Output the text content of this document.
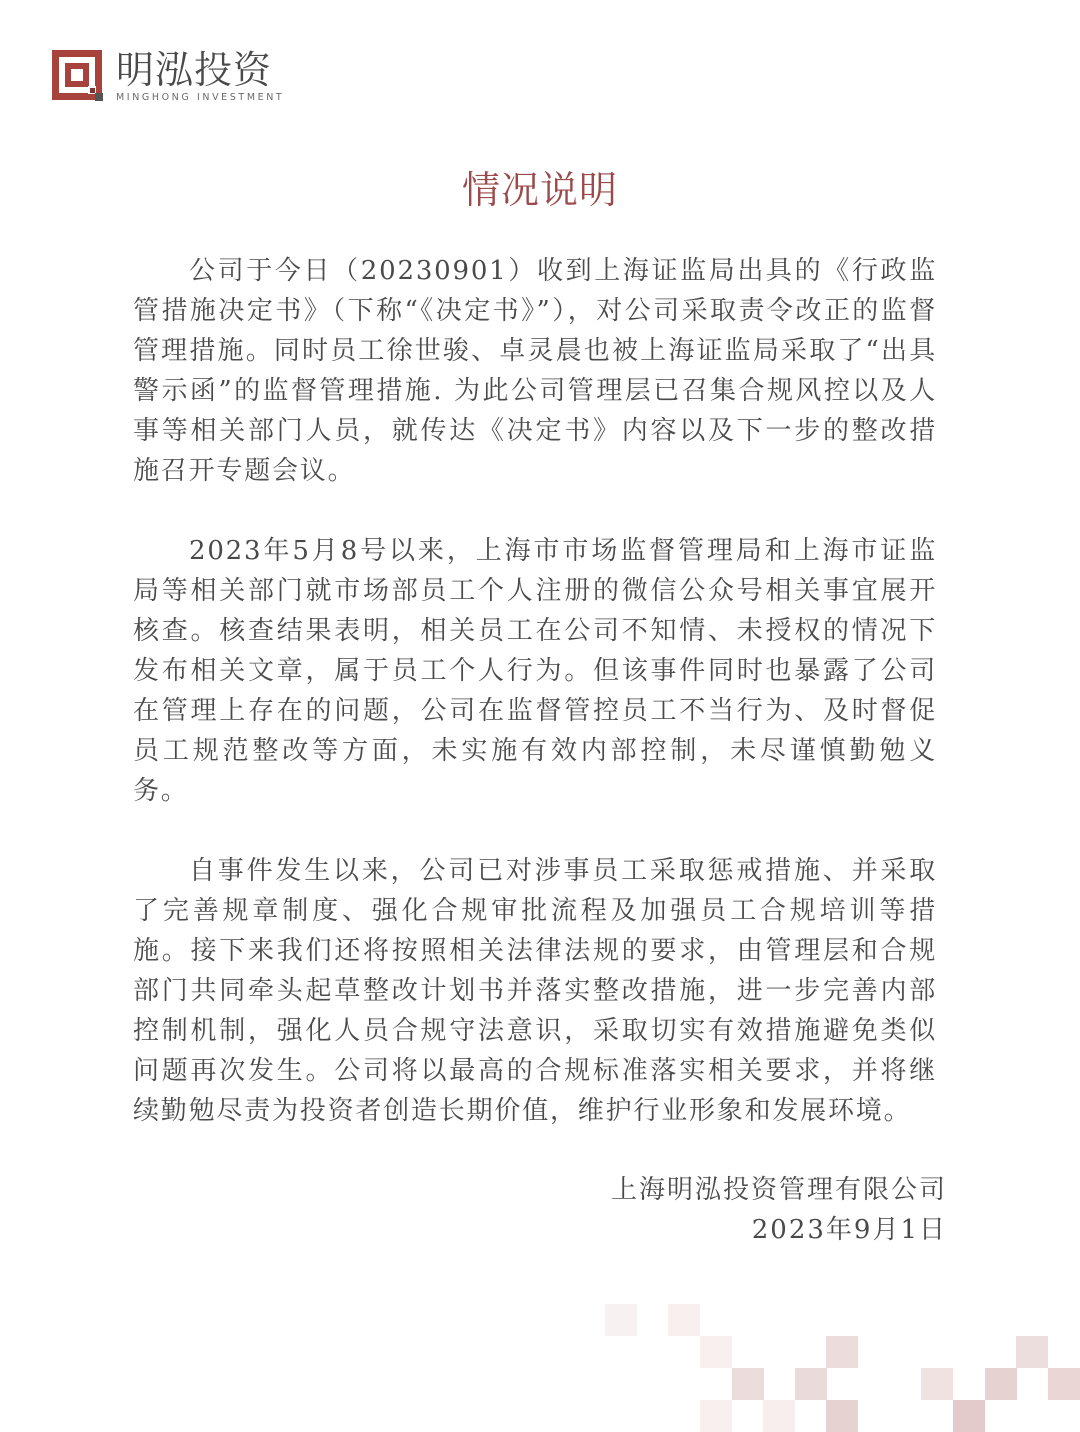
明泓投资
MINGHONG INVESTMENT
情况说明

公司于今日（20230901）收到上海证监局出具的《行政监管措施决定书》（下称“《决定书》”），对公司采取责令改正的监督管理措施。同时员工徐世骏、卓灵晨也被上海证监局采取了“出具警示函”的监督管理措施. 为此公司管理层已召集合规风控以及人事等相关部门人员，就传达《决定书》内容以及下一步的整改措施召开专题会议。

2023年5月8号以来，上海市市场监督管理局和上海市证监局等相关部门就市场部员工个人注册的微信公众号相关事宜展开核查。核查结果表明，相关员工在公司不知情、未授权的情况下发布相关文章，属于员工个人行为。但该事件同时也暴露了公司在管理上存在的问题，公司在监督管控员工不当行为、及时督促员工规范整改等方面，未实施有效内部控制，未尽谨慎勤勉义务。

自事件发生以来，公司已对涉事员工采取惩戒措施、并采取了完善规章制度、强化合规审批流程及加强员工合规培训等措施。接下来我们还将按照相关法律法规的要求，由管理层和合规部门共同牵头起草整改计划书并落实整改措施，进一步完善内部控制机制，强化人员合规守法意识，采取切实有效措施避免类似问题再次发生。公司将以最高的合规标准落实相关要求，并将继续勤勉尽责为投资者创造长期价值，维护行业形象和发展环境。

上海明泓投资管理有限公司
2023年9月1日
